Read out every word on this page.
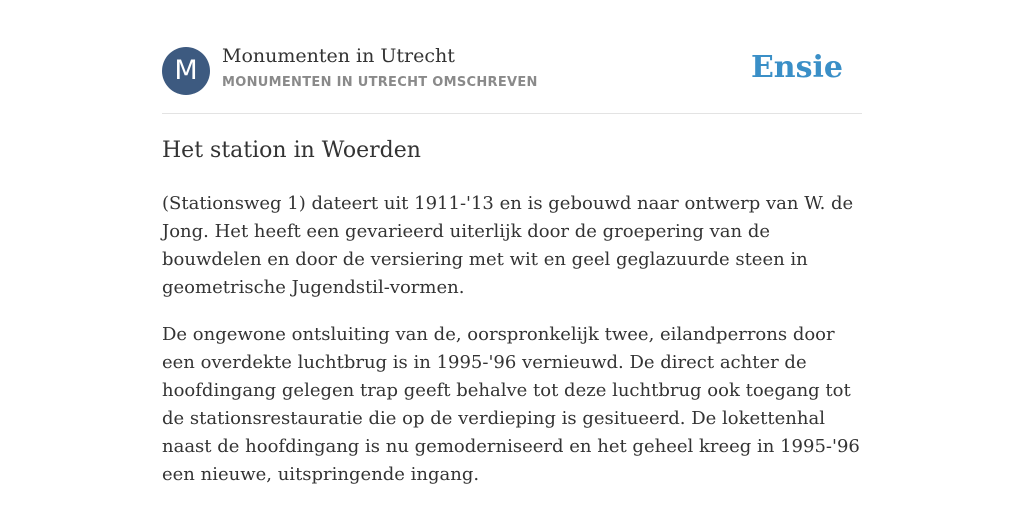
M	Monumenten in Utrecht
MONUMENTEN IN UTRECHT OMSCHREVEN	Ensie
Het station in Woerden

(Stationsweg 1) dateert uit 1911-'13 en is gebouwd naar ontwerp van W. de Jong. Het heeft een gevarieerd uiterlijk door de groepering van de bouwdelen en door de versiering met wit en geel geglazuurde steen in geometrische Jugendstil-vormen.

De ongewone ontsluiting van de, oorspronkelijk twee, eilandperrons door een overdekte luchtbrug is in 1995-'96 vernieuwd. De direct achter de hoofdingang gelegen trap geeft behalve tot deze luchtbrug ook toegang tot de stationsrestauratie die op de verdieping is gesitueerd. De lokettenhal naast de hoofdingang is nu gemoderniseerd en het geheel kreeg in 1995-'96 een nieuwe, uitspringende ingang.
